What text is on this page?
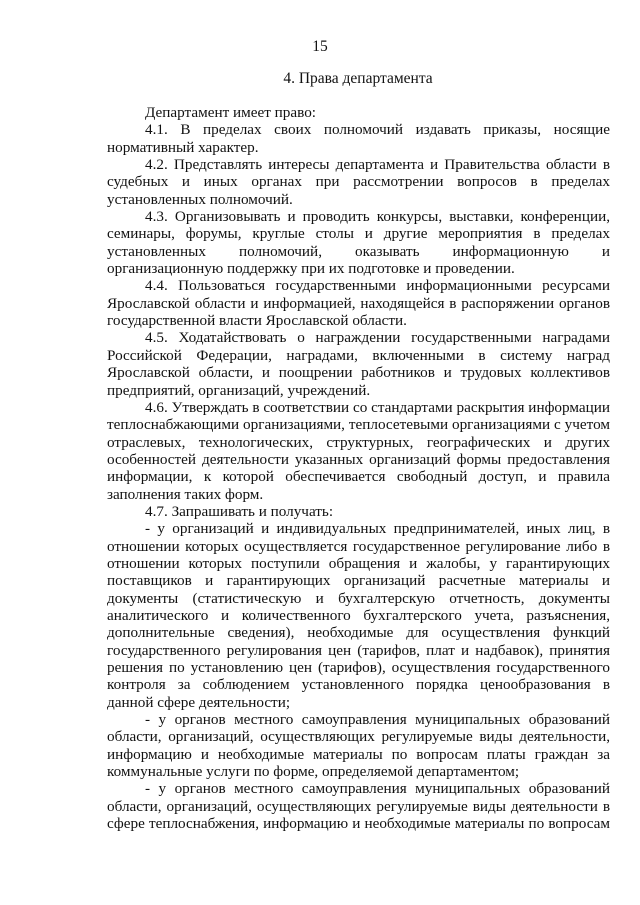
15
4. Права департамента

Департамент имеет право:

4.1. В пределах своих полномочий издавать приказы, носящие нормативный характер.

4.2. Представлять интересы департамента и Правительства области в судебных и иных органах при рассмотрении вопросов в пределах установленных полномочий.

4.3. Организовывать и проводить конкурсы, выставки, конференции, семинары, форумы, круглые столы и другие мероприятия в пределах установленных полномочий, оказывать информационную и организационную поддержку при их подготовке и проведении.

4.4. Пользоваться государственными информационными ресурсами Ярославской области и информацией, находящейся в распоряжении органов государственной власти Ярославской области.

4.5. Ходатайствовать о награждении государственными наградами Российской Федерации, наградами, включенными в систему наград Ярославской области, и поощрении работников и трудовых коллективов предприятий, организаций, учреждений.

4.6. Утверждать в соответствии со стандартами раскрытия информации теплоснабжающими организациями, теплосетевыми организациями с учетом отраслевых, технологических, структурных, географических и других особенностей деятельности указанных организаций формы предоставления информации, к которой обеспечивается свободный доступ, и правила заполнения таких форм.

4.7. Запрашивать и получать:

- у организаций и индивидуальных предпринимателей, иных лиц, в отношении которых осуществляется государственное регулирование либо в отношении которых поступили обращения и жалобы, у гарантирующих поставщиков и гарантирующих организаций расчетные материалы и документы (статистическую и бухгалтерскую отчетность, документы аналитического и количественного бухгалтерского учета, разъяснения, дополнительные сведения), необходимые для осуществления функций государственного регулирования цен (тарифов, плат и надбавок), принятия решения по установлению цен (тарифов), осуществления государственного контроля за соблюдением установленного порядка ценообразования в данной сфере деятельности;

- у органов местного самоуправления муниципальных образований области, организаций, осуществляющих регулируемые виды деятельности, информацию и необходимые материалы по вопросам платы граждан за коммунальные услуги по форме, определяемой департаментом;

- у органов местного самоуправления муниципальных образований области, организаций, осуществляющих регулируемые виды деятельности в сфере теплоснабжения, информацию и необходимые материалы по вопросам
